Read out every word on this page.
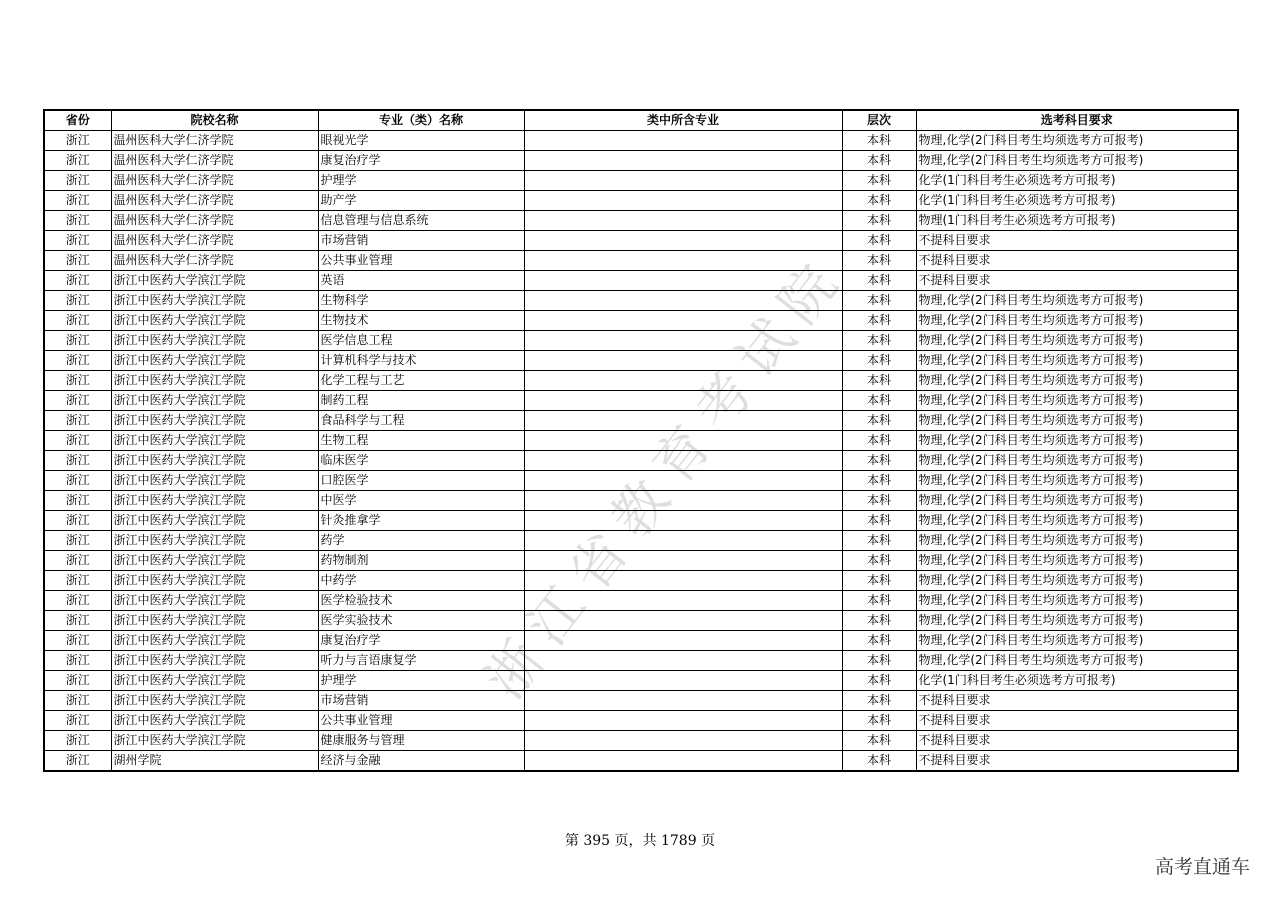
省份	院校名称	专业（类）名称	类中所含专业	层次	选考科目要求
浙江	温州医科大学仁济学院	眼视光学		本科	物理,化学(2门科目考生均须选考方可报考)
浙江	温州医科大学仁济学院	康复治疗学		本科	物理,化学(2门科目考生均须选考方可报考)
浙江	温州医科大学仁济学院	护理学		本科	化学(1门科目考生必须选考方可报考)
浙江	温州医科大学仁济学院	助产学		本科	化学(1门科目考生必须选考方可报考)
浙江	温州医科大学仁济学院	信息管理与信息系统		本科	物理(1门科目考生必须选考方可报考)
浙江	温州医科大学仁济学院	市场营销		本科	不提科目要求
浙江	温州医科大学仁济学院	公共事业管理		本科	不提科目要求
浙江	浙江中医药大学滨江学院	英语		本科	不提科目要求
浙江	浙江中医药大学滨江学院	生物科学		本科	物理,化学(2门科目考生均须选考方可报考)
浙江	浙江中医药大学滨江学院	生物技术		本科	物理,化学(2门科目考生均须选考方可报考)
浙江	浙江中医药大学滨江学院	医学信息工程		本科	物理,化学(2门科目考生均须选考方可报考)
浙江	浙江中医药大学滨江学院	计算机科学与技术		本科	物理,化学(2门科目考生均须选考方可报考)
浙江	浙江中医药大学滨江学院	化学工程与工艺		本科	物理,化学(2门科目考生均须选考方可报考)
浙江	浙江中医药大学滨江学院	制药工程		本科	物理,化学(2门科目考生均须选考方可报考)
浙江	浙江中医药大学滨江学院	食品科学与工程		本科	物理,化学(2门科目考生均须选考方可报考)
浙江	浙江中医药大学滨江学院	生物工程		本科	物理,化学(2门科目考生均须选考方可报考)
浙江	浙江中医药大学滨江学院	临床医学		本科	物理,化学(2门科目考生均须选考方可报考)
浙江	浙江中医药大学滨江学院	口腔医学		本科	物理,化学(2门科目考生均须选考方可报考)
浙江	浙江中医药大学滨江学院	中医学		本科	物理,化学(2门科目考生均须选考方可报考)
浙江	浙江中医药大学滨江学院	针灸推拿学		本科	物理,化学(2门科目考生均须选考方可报考)
浙江	浙江中医药大学滨江学院	药学		本科	物理,化学(2门科目考生均须选考方可报考)
浙江	浙江中医药大学滨江学院	药物制剂		本科	物理,化学(2门科目考生均须选考方可报考)
浙江	浙江中医药大学滨江学院	中药学		本科	物理,化学(2门科目考生均须选考方可报考)
浙江	浙江中医药大学滨江学院	医学检验技术		本科	物理,化学(2门科目考生均须选考方可报考)
浙江	浙江中医药大学滨江学院	医学实验技术		本科	物理,化学(2门科目考生均须选考方可报考)
浙江	浙江中医药大学滨江学院	康复治疗学		本科	物理,化学(2门科目考生均须选考方可报考)
浙江	浙江中医药大学滨江学院	听力与言语康复学		本科	物理,化学(2门科目考生均须选考方可报考)
浙江	浙江中医药大学滨江学院	护理学		本科	化学(1门科目考生必须选考方可报考)
浙江	浙江中医药大学滨江学院	市场营销		本科	不提科目要求
浙江	浙江中医药大学滨江学院	公共事业管理		本科	不提科目要求
浙江	浙江中医药大学滨江学院	健康服务与管理		本科	不提科目要求
浙江	湖州学院	经济与金融		本科	不提科目要求
浙江省教育考试院
第 395 页，共 1789 页
高考直通车
